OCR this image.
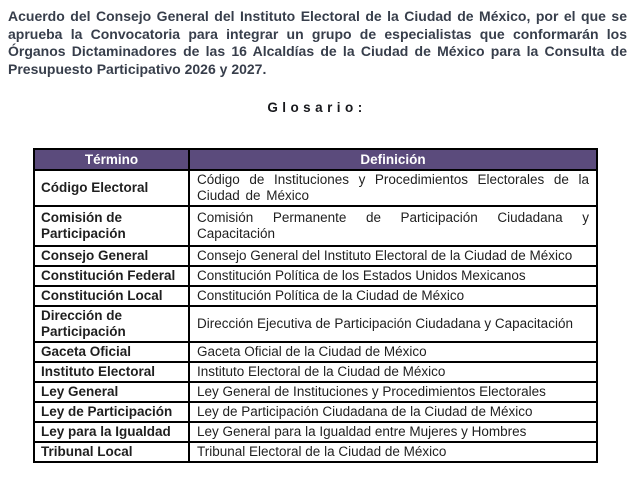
Acuerdo del Consejo General del Instituto Electoral de la Ciudad de México, por el que se aprueba la Convocatoria para integrar un grupo de especialistas que conformarán los Órganos Dictaminadores de las 16 Alcaldías de la Ciudad de México para la Consulta de Presupuesto Participativo 2026 y 2027.
Glosario:
Término	Definición
Código Electoral	Código de Instituciones y Procedimientos Electorales de la Ciudad de México
Comisión de Participación	Comisión Permanente de Participación Ciudadana y Capacitación
Consejo General	Consejo General del Instituto Electoral de la Ciudad de México
Constitución Federal	Constitución Política de los Estados Unidos Mexicanos
Constitución Local	Constitución Política de la Ciudad de México
Dirección de Participación	Dirección Ejecutiva de Participación Ciudadana y Capacitación
Gaceta Oficial	Gaceta Oficial de la Ciudad de México
Instituto Electoral	Instituto Electoral de la Ciudad de México
Ley General	Ley General de Instituciones y Procedimientos Electorales
Ley de Participación	Ley de Participación Ciudadana de la Ciudad de México
Ley para la Igualdad	Ley General para la Igualdad entre Mujeres y Hombres
Tribunal Local	Tribunal Electoral de la Ciudad de México
